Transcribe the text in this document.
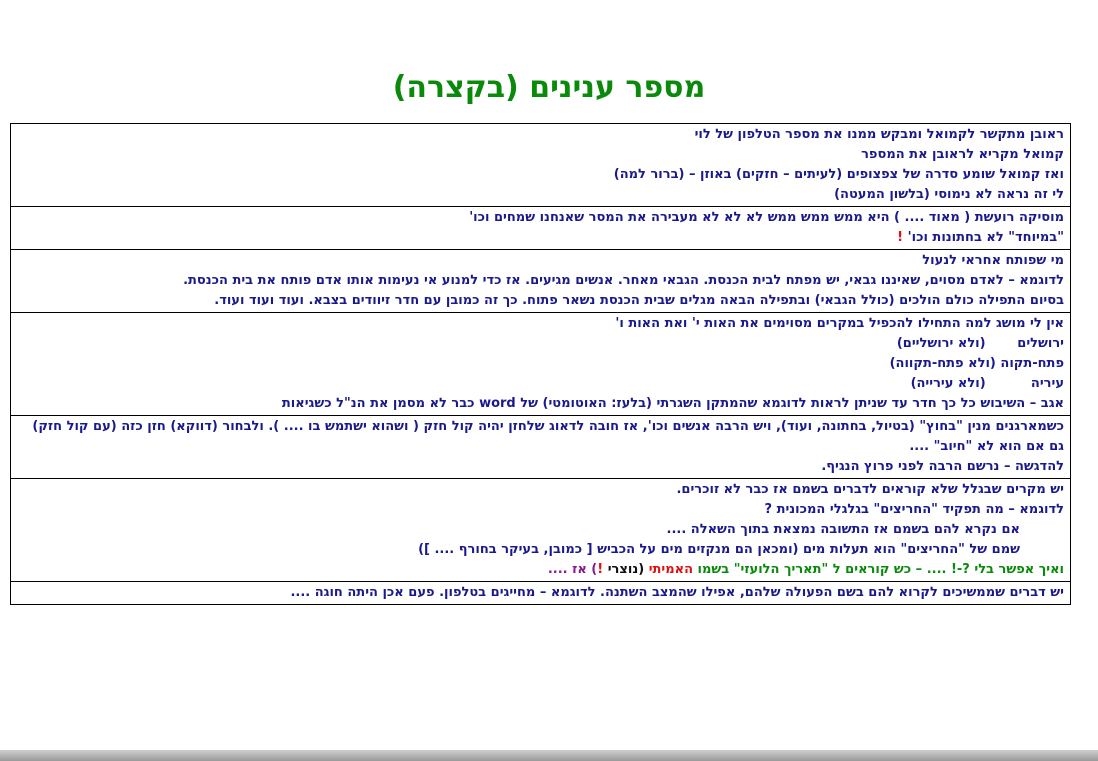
מספר ענינים (בקצרה)
ראובן מתקשר לקמואל ומבקש ממנו את מספר הטלפון של לוי
קמואל מקריא לראובן את המספר
ואז קמואל שומע סדרה של צפצופים (לעיתים – חזקים) באוזן – (ברור למה)
לי זה נראה לא נימוסי (בלשון המעטה)

מוסיקה רועשת ( מאוד .... ) היא ממש ממש ממש לא לא לא מעבירה את המסר שאנחנו שמחים וכו'
"במיוחד" לא בחתונות וכו' !

מי שפותח אחראי לנעול
לדוגמא – לאדם מסוים, שאיננו גבאי, יש מפתח לבית הכנסת. הגבאי מאחר. אנשים מגיעים. אז כדי למנוע אי נעימות אותו אדם פותח את בית הכנסת.
בסיום התפילה כולם הולכים (כולל הגבאי) ובתפילה הבאה מגלים שבית הכנסת נשאר פתוח. כך זה כמובן עם חדר זיוודים בצבא. ועוד ועוד ועוד.

אין לי מושג למה התחילו להכפיל במקרים מסוימים את האות י' ואת האות ו'
ירושלים       (ולא ירושליים)
פתח-תקוה (ולא פתח-תקווה)
עיריה          (ולא עירייה)
אגב – השיבוש כל כך חדר עד שניתן לראות לדוגמא שהמתקן השגרתי (בלעז: האוטומטי) של word כבר לא מסמן את הנ"ל כשגיאות

כשמארגנים מנין "בחוץ" (בטיול, בחתונה, ועוד), ויש הרבה אנשים וכו', אז חובה לדאוג שלחזן יהיה קול חזק ( ושהוא ישתמש בו .... ). ולבחור (דווקא) חזן כזה (עם קול חזק) גם אם הוא לא "חיוב" ....
להדגשה – נרשם הרבה לפני פרוץ הנגיף.

יש מקרים שבגלל שלא קוראים לדברים בשמם אז כבר לא זוכרים.
לדוגמא – מה תפקיד "החריצים" בגלגלי המכונית ?
אם נקרא להם בשמם אז התשובה נמצאת בתוך השאלה ....
שמם של "החריצים" הוא תעלות מים (ומכאן הם מנקזים מים על הכביש [ כמובן, בעיקר בחורף .... ])
ואיך אפשר בלי ?-! .... – כש קוראים ל "תאריך הלועזי" בשמו האמיתי (נוצרי !) אז ....

יש דברים שממשיכים לקרוא להם בשם הפעולה שלהם, אפילו שהמצב השתנה. לדוגמא – מחייגים בטלפון. פעם אכן היתה חוגה ....
